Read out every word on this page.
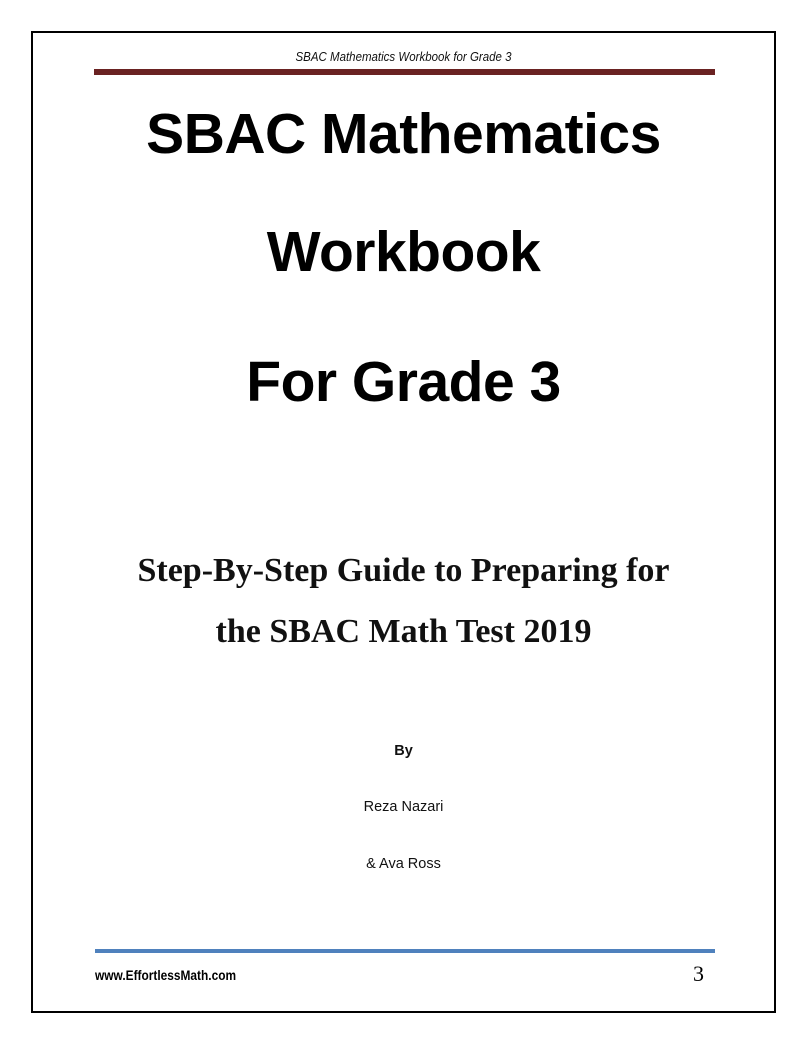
SBAC Mathematics Workbook for Grade 3
SBAC Mathematics
Workbook
For Grade 3
Step-By-Step Guide to Preparing for
the SBAC Math Test 2019
By
Reza Nazari
& Ava Ross
www.EffortlessMath.com	3
